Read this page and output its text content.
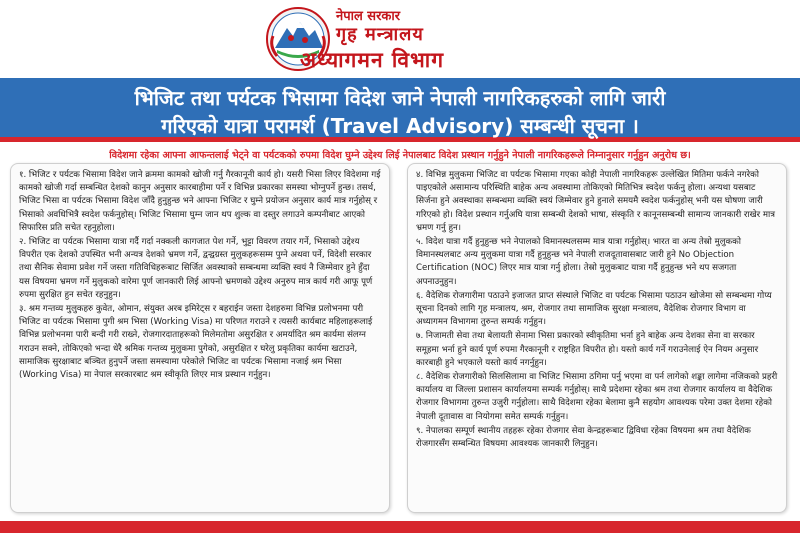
नेपाल सरकार
गृह मन्त्रालय
अध्यागमन विभाग
भिजिट तथा पर्यटक भिसामा विदेश जाने नेपाली नागरिकहरुको लागि जारी
गरिएको यात्रा परामर्श (Travel Advisory) सम्बन्धी सूचना ।
विदेशमा रहेका आफ्ना आफन्तलाई भेट्ने वा पर्यटकको रुपमा विदेश घुम्ने उद्देश्य लिई नेपालबाट विदेश प्रस्थान गर्नुहुने नेपाली नागरिकहरूले निम्नानुसार गर्नुहुन अनुरोध छ।

१. भिजिट र पर्यटक भिसामा विदेश जाने क्रममा कामको खोजी गर्नु गैरकानूनी कार्य हो। यसरी भिसा लिएर विदेशमा गई कामको खोजी गर्दा सम्बन्धित देशको कानुन अनुसार कारबाहीमा पर्ने र विभिन्न प्रकारका समस्या भोग्नुपर्ने हुन्छ। तसर्थ, भिजिट भिसा वा पर्यटक भिसामा विदेश जाँदै हुनुहुन्छ भने आफ्ना भिजिट र घुम्ने प्रयोजन अनुसार कार्य मात्र गर्नुहोस् र भिसाको अवधिभित्रै स्वदेश फर्कनुहोस्। भिजिट भिसामा घुम्न जान थप शुल्क वा दस्तुर लगाउने कम्पनीबाट आएको सिफारिस प्रति सचेत रहनुहोला।

२. भिजिट वा पर्यटक भिसामा यात्रा गर्दै गर्दा नक्कली कागजात पेश गर्ने, भुट्टा विवरण तयार गर्ने, भिसाको उद्देश्य विपरीत एक देशको उपस्थित भनी अन्यत्र देशको भ्रमण गर्ने, द्वन्द्वग्रस्त मुलुकहरूसम्म पुग्ने अथवा पर्ने, विदेशी सरकार तथा सैनिक सेवामा प्रवेश गर्ने जस्ता गतिविधिहरूबाट सिर्जित अवस्थाको सम्बन्धमा व्यक्ति स्वयं नै जिम्मेवार हुने हुँदा यस विषयमा भ्रमण गर्ने मुलुकको वारेमा पूर्ण जानकारी लिई आफ्नो भ्रमणको उद्देश्य अनुरुप मात्र कार्य गरी आफू पूर्ण रुपमा सुरक्षित हुन सचेत रहनुहुन।

३. श्रम गन्तव्य मुलुकहरु कुवेत, ओमान, संयुक्त अरब इमिरेट्स र बहराईन जस्ता देशहरुमा विभिन्न प्रलोभनमा परी भिजिट वा पर्यटक भिसामा पुगी श्रम भिसा (Working Visa) मा परिणत गराउने र त्यसरी कार्यबाट महिलाहरूलाई विभिन्न प्रलोभनमा पारी बन्दी गरी राख्ने, रोजगारदाताहरूको मिलेमतोमा असुरक्षित र अमर्यादित श्रम कार्यमा संलग्न गराउन सक्ने, तोकिएको भन्दा धेरै श्रमिक गन्तव्य मुलुकमा पुगेको, असुरक्षित र घरेलु प्रकृतिका कार्यमा खटाउने, सामाजिक सुरक्षाबाट बञ्चित हुनुपर्ने जस्ता समस्यामा परेकोले भिजिट वा पर्यटक भिसामा नजाई श्रम भिसा (Working Visa) मा नेपाल सरकारबाट श्रम स्वीकृति लिएर मात्र प्रस्थान गर्नुहुन।

४. विभिन्न मुलुकमा भिजिट वा पर्यटक भिसामा गएका कोही नेपाली नागरिकहरू उल्लेखित मितिमा फर्कने नगरेको पाइएकोले असामान्य परिस्थिति बाहेक अन्य अवस्थामा तोकिएको मितिभित्र स्वदेश फर्कनु होला। अन्यथा यसबाट सिर्जना हुने अवस्थाका सम्बन्धमा व्यक्ति स्वयं जिम्मेवार हुने हुनाले समयमै स्वदेश फर्कनुहोस् भनी यस घोषणा जारी गरिएको हो। विदेश प्रस्थान गर्नुअघि यात्रा सम्बन्धी देशको भाषा, संस्कृति र कानूनसम्बन्धी सामान्य जानकारी राखेर मात्र भ्रमण गर्नु हुन।

५. विदेश यात्रा गर्दै हुनुहुन्छ भने नेपालको विमानस्थलसम्म मात्र यात्रा गर्नुहोस्। भारत वा अन्य तेस्रो मुलुकको विमानस्थलबाट अन्य मुलुकमा यात्रा गर्दै हुनुहुन्छ भने नेपाली राजदूतावासबाट जारी हुने No Objection Certification (NOC) लिएर मात्र यात्रा गर्नु होला। तेस्रो मुलुकबाट यात्रा गर्दै हुनुहुन्छ भने थप सजगता अपनाउनुहुन।

६. वैदेशिक रोजगारीमा पठाउने इजाजत प्राप्त संस्थाले भिजिट वा पर्यटक भिसामा पठाउन खोजेमा सो सम्बन्धमा गोप्य सूचना दिनको लागि गृह मन्त्रालय, श्रम, रोजगार तथा सामाजिक सुरक्षा मन्त्रालय, वैदेशिक रोजगार विभाग वा अध्यागमन विभागमा तुरुन्त सम्पर्क गर्नुहुन।

७. निजामती सेवा तथा बेलायती सेनामा भिसा प्रकारको स्वीकृतिमा भर्ना हुने बाहेक अन्य देशका सेना वा सरकार समूहमा भर्ना हुने कार्य पूर्ण रुपमा गैरकानूनी र राष्ट्रहित विपरीत हो। यस्तो कार्य गर्ने गराउनेलाई ऐन नियम अनुसार कारबाही हुने भएकाले यस्तो कार्य नगर्नुहुन।

८. वैदेशिक रोजगारीको सिलसिलामा वा भिजिट भिसामा ठगिमा पर्नु भएमा वा पर्न लागेको शङ्का लागेमा नजिकको प्रहरी कार्यालय वा जिल्ला प्रशासन कार्यालयमा सम्पर्क गर्नुहोस्। साथै प्रदेशमा रहेका श्रम तथा रोजगार कार्यालय वा वैदेशिक रोजगार विभागमा तुरुन्त उजुरी गर्नुहोला। साथै विदेशमा रहेका बेलामा कुनै सहयोग आवश्यक परेमा उक्त देशमा रहेको नेपाली दूतावास वा नियोगमा समेत सम्पर्क गर्नुहुन।

९. नेपालका सम्पूर्ण स्थानीय तहहरू रहेका रोजगार सेवा केन्द्रहरूबाट द्विविधा रहेका विषयमा श्रम तथा वैदेशिक रोजगारसँग सम्बन्धित विषयमा आवश्यक जानकारी लिनुहुन।
